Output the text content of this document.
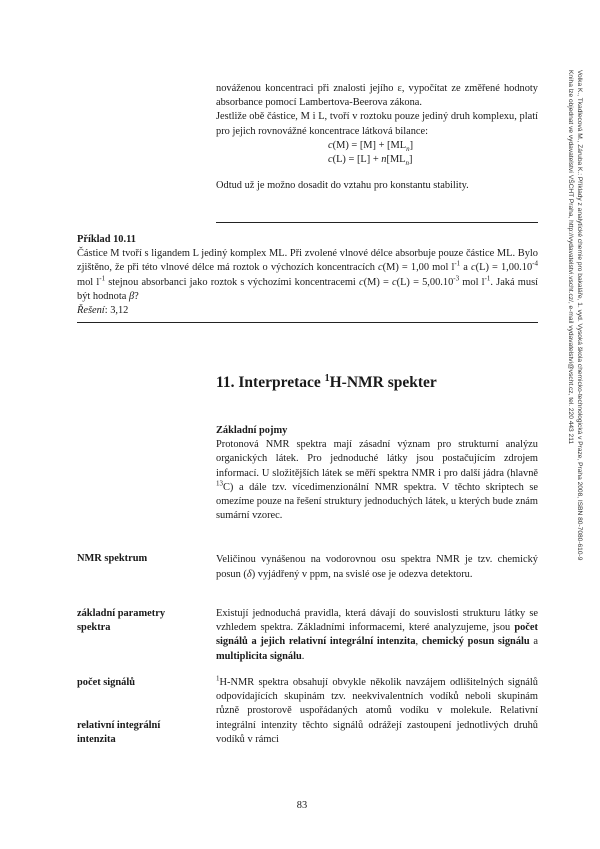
nováženou koncentraci při znalosti jejího ε, vypočítat ze změřené hodnoty absorbance pomocí Lambertova-Beerova zákona.

Jestliže obě částice, M i L, tvoří v roztoku pouze jediný druh komplexu, platí pro jejich rovnovážné koncentrace látková bilance:

$c(M) = [M] + [ML_n]$
$c(L) = [L] + n[ML_n]$

Odtud už je možno dosadit do vztahu pro konstantu stability.

Příklad 10.11

Částice M tvoří s ligandem L jediný komplex ML. Při zvolené vlnové délce absorbuje pouze částice ML. Bylo zjištěno, že při této vlnové délce má roztok o výchozích koncentracích c(M) = 1,00 mol $l^{-1}$ a $c(L) = 1,00.10^{-4}$ mol $l^{-1}$ stejnou absorbanci jako roztok s výchozími koncentracemi $c(M) = c(L) = 5,00.10^{-3}$ mol $l^{-1}$. Jaká musí být hodnota β?

Řešení: 3,12
11. Interpretace $^1$H-NMR spekter
Základní pojmy

Protonová NMR spektra mají zásadní význam pro strukturní analýzu organických látek. Pro jednoduché látky jsou postačujícím zdrojem informací. U složitějších látek se měří spektra NMR i pro další jádra (hlavně $^{13}$C) a dále tzv. vícedimenzionální NMR spektra. V těchto skriptech se omezíme pouze na řešení struktury jednoduchých látek, u kterých bude znám sumární vzorec.

NMR spektrum	Veličinou vynášenou na vodorovnou osu spektra NMR je tzv. chemický posun (δ) vyjádřený v ppm, na svislé ose je odezva detektoru.

základní parametry spektra

Existují jednoduchá pravidla, která dávají do souvislosti strukturu látky se vzhledem spektra. Základními informacemi, které analyzujeme, jsou počet signálů a jejich relativní integrální intenzita, chemický posun signálu a multiplicita signálu.

počet signálů
relativní integrální intenzita

$^1$H-NMR spektra obsahují obvykle několik navzájem odlišitelných signálů odpovídajících skupinám tzv. neekvivalentních vodíků neboli skupinám různě prostorově uspořádaných atomů vodíku v molekule. Relativní integrální intenzity těchto signálů odrážejí zastoupení jednotlivých druhů vodíků v rámci

83
Volka K., Tkadlecová M., Záruba K.: Příklady z analytické chemie pro bakaláře, 1. vyd. Vysoká škola chemicko-technologická v Praze, Praha 2008, ISBN 80-7080-610-9
Kniha lze objednat ve vydavatelství VŠCHT Praha, http://vydavatelstvi.vscht.cz/, e-mail vydavatelstvi@vscht.cz, tel. 220 443 211
